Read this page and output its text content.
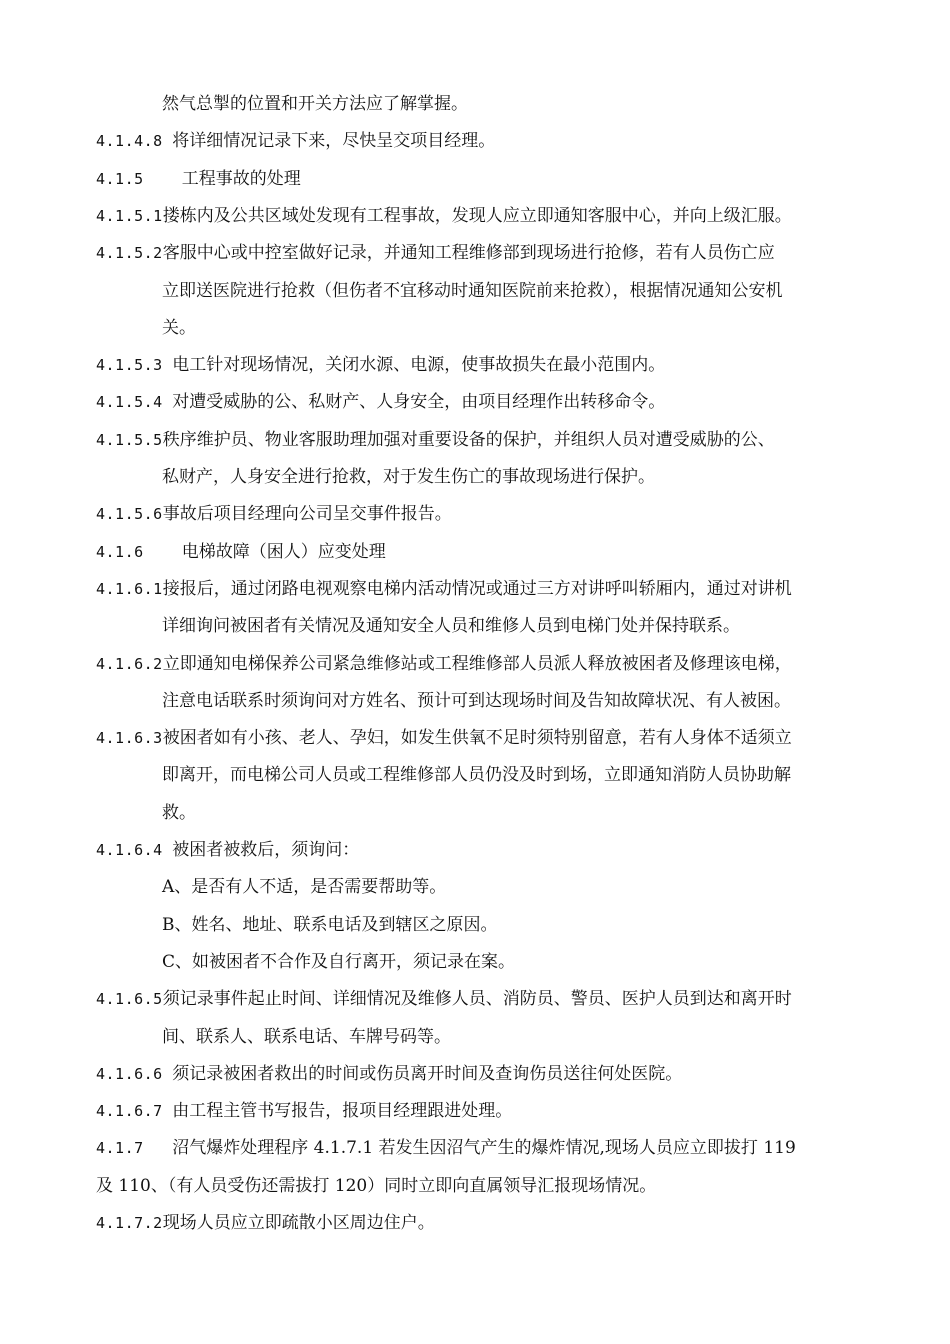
然气总掣的位置和开关方法应了解掌握。
4.1.4.8 将详细情况记录下来，尽快呈交项目经理。
4.1.5    工程事故的处理
4.1.5.1搂栋内及公共区域处发现有工程事故，发现人应立即通知客服中心，并向上级汇服。
4.1.5.2客服中心或中控室做好记录，并通知工程维修部到现场进行抢修，若有人员伤亡应
立即送医院进行抢救（但伤者不宜移动时通知医院前来抢救），根据情况通知公安机
关。
4.1.5.3 电工针对现场情况，关闭水源、电源，使事故损失在最小范围内。
4.1.5.4 对遭受威胁的公、私财产、人身安全，由项目经理作出转移命令。
4.1.5.5秩序维护员、物业客服助理加强对重要设备的保护，并组织人员对遭受威胁的公、
私财产，人身安全进行抢救，对于发生伤亡的事故现场进行保护。
4.1.5.6事故后项目经理向公司呈交事件报告。
4.1.6    电梯故障（困人）应变处理
4.1.6.1接报后，通过闭路电视观察电梯内活动情况或通过三方对讲呼叫轿厢内，通过对讲机
详细询问被困者有关情况及通知安全人员和维修人员到电梯门处并保持联系。
4.1.6.2立即通知电梯保养公司紧急维修站或工程维修部人员派人释放被困者及修理该电梯，
注意电话联系时须询问对方姓名、预计可到达现场时间及告知故障状况、有人被困。
4.1.6.3被困者如有小孩、老人、孕妇，如发生供氧不足时须特别留意，若有人身体不适须立
即离开，而电梯公司人员或工程维修部人员仍没及时到场，立即通知消防人员协助解
救。
4.1.6.4 被困者被救后，须询问：
A、是否有人不适，是否需要帮助等。
B、姓名、地址、联系电话及到辖区之原因。
C、如被困者不合作及自行离开，须记录在案。
4.1.6.5须记录事件起止时间、详细情况及维修人员、消防员、警员、医护人员到达和离开时
间、联系人、联系电话、车牌号码等。
4.1.6.6 须记录被困者救出的时间或伤员离开时间及查询伤员送往何处医院。
4.1.6.7 由工程主管书写报告，报项目经理跟进处理。
4.1.7   沼气爆炸处理程序 4.1.7.1 若发生因沼气产生的爆炸情况,现场人员应立即拔打 119
及 110、（有人员受伤还需拔打 120）同时立即向直属领导汇报现场情况。
4.1.7.2现场人员应立即疏散小区周边住户。
